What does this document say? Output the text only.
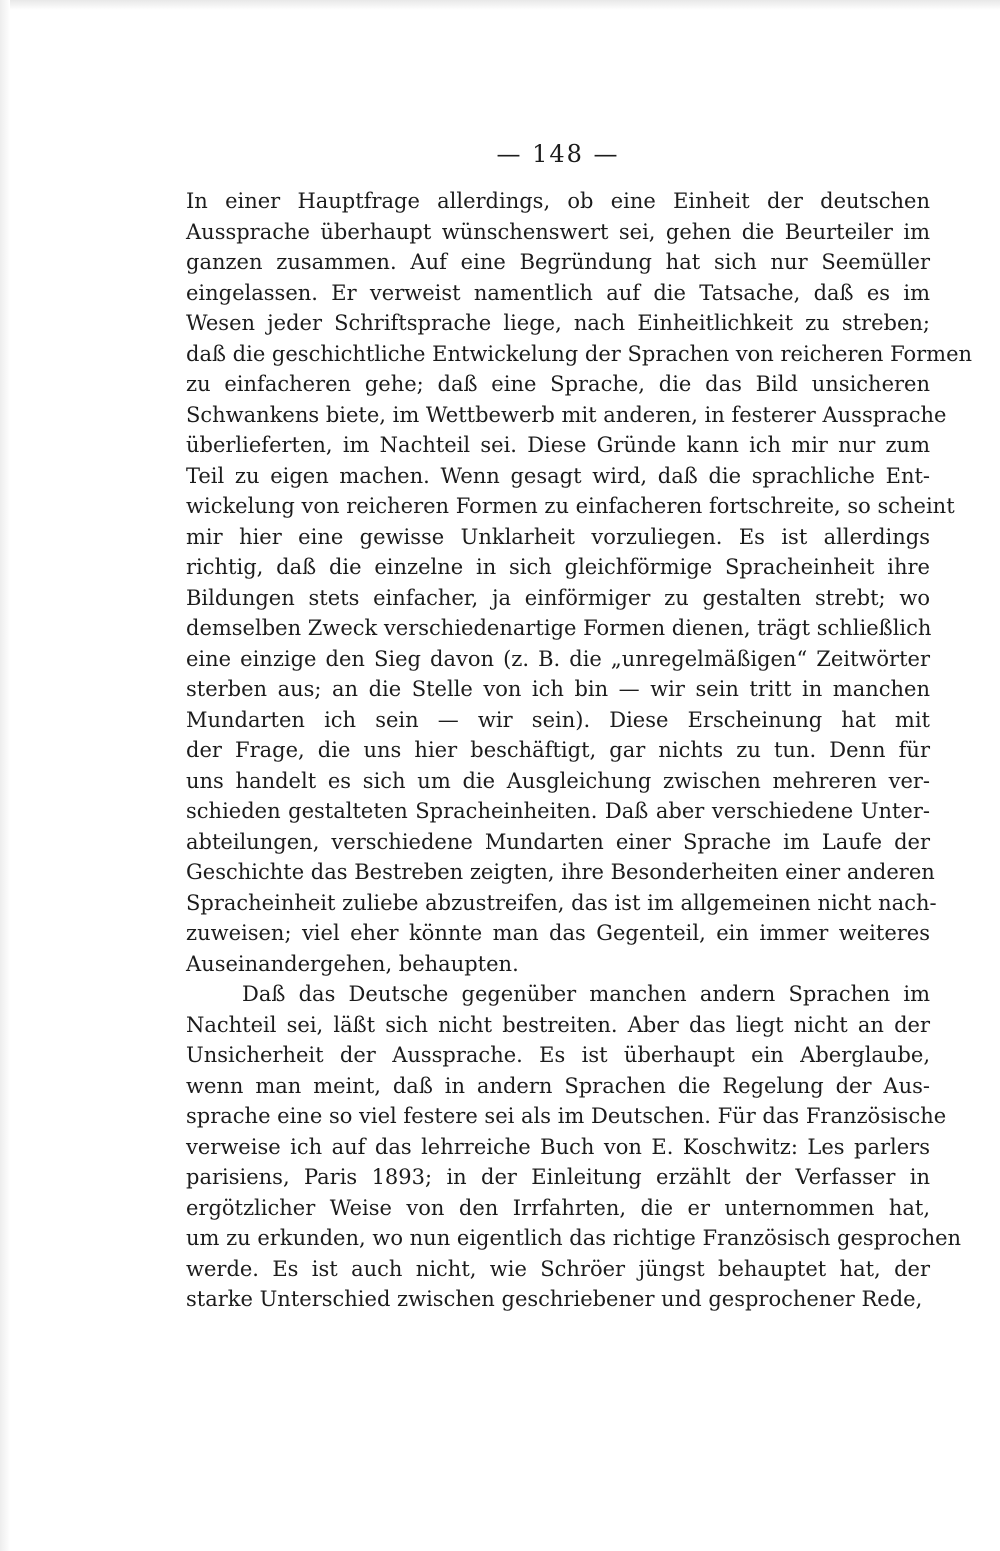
— 148 —
In einer Hauptfrage allerdings, ob eine Einheit der deutschen
Aussprache überhaupt wünschenswert sei, gehen die Beurteiler im
ganzen zusammen. Auf eine Begründung hat sich nur Seemüller
eingelassen. Er verweist namentlich auf die Tatsache, daß es im
Wesen jeder Schriftsprache liege, nach Einheitlichkeit zu streben;
daß die geschichtliche Entwickelung der Sprachen von reicheren Formen
zu einfacheren gehe; daß eine Sprache, die das Bild unsicheren
Schwankens biete, im Wettbewerb mit anderen, in festerer Aussprache
überlieferten, im Nachteil sei. Diese Gründe kann ich mir nur zum
Teil zu eigen machen. Wenn gesagt wird, daß die sprachliche Ent-
wickelung von reicheren Formen zu einfacheren fortschreite, so scheint
mir hier eine gewisse Unklarheit vorzuliegen. Es ist allerdings
richtig, daß die einzelne in sich gleichförmige Spracheinheit ihre
Bildungen stets einfacher, ja einförmiger zu gestalten strebt; wo
demselben Zweck verschiedenartige Formen dienen, trägt schließlich
eine einzige den Sieg davon (z. B. die „unregelmäßigen“ Zeitwörter
sterben aus; an die Stelle von ich bin — wir sein tritt in manchen
Mundarten ich sein — wir sein). Diese Erscheinung hat mit
der Frage, die uns hier beschäftigt, gar nichts zu tun. Denn für
uns handelt es sich um die Ausgleichung zwischen mehreren ver-
schieden gestalteten Spracheinheiten. Daß aber verschiedene Unter-
abteilungen, verschiedene Mundarten einer Sprache im Laufe der
Geschichte das Bestreben zeigten, ihre Besonderheiten einer anderen
Spracheinheit zuliebe abzustreifen, das ist im allgemeinen nicht nach-
zuweisen; viel eher könnte man das Gegenteil, ein immer weiteres
Auseinandergehen, behaupten.
Daß das Deutsche gegenüber manchen andern Sprachen im
Nachteil sei, läßt sich nicht bestreiten. Aber das liegt nicht an der
Unsicherheit der Aussprache. Es ist überhaupt ein Aberglaube,
wenn man meint, daß in andern Sprachen die Regelung der Aus-
sprache eine so viel festere sei als im Deutschen. Für das Französische
verweise ich auf das lehrreiche Buch von E. Koschwitz: Les parlers
parisiens, Paris 1893; in der Einleitung erzählt der Verfasser in
ergötzlicher Weise von den Irrfahrten, die er unternommen hat,
um zu erkunden, wo nun eigentlich das richtige Französisch gesprochen
werde. Es ist auch nicht, wie Schröer jüngst behauptet hat, der
starke Unterschied zwischen geschriebener und gesprochener Rede,
